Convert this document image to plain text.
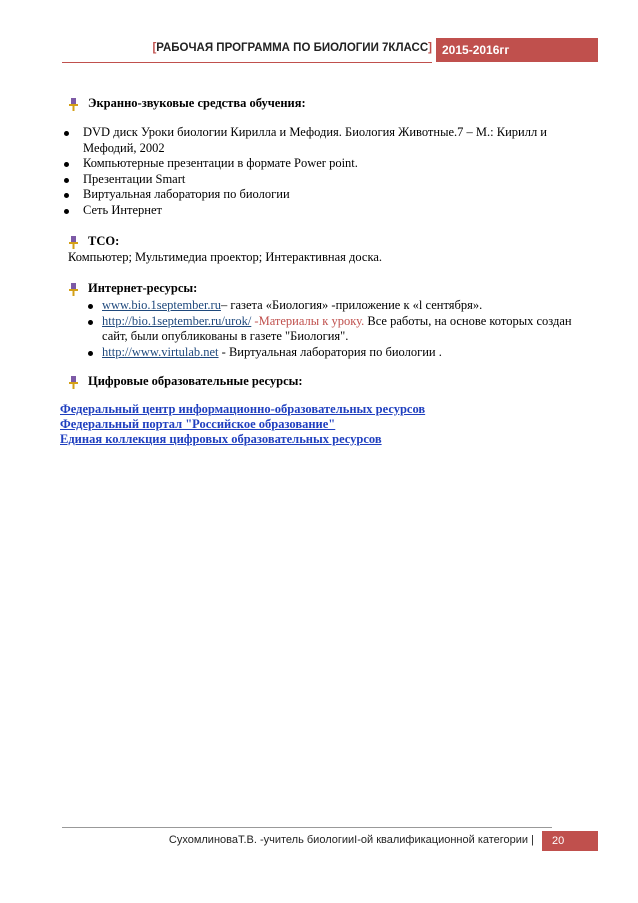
[РАБОЧАЯ ПРОГРАММА ПО БИОЛОГИИ 7КЛАСС] 2015-2016гг
Экранно-звуковые средства обучения:
DVD диск Уроки биологии Кирилла и Мефодия. Биология Животные.7 – М.: Кирилл и Мефодий, 2002
Компьютерные презентации в формате Power point.
Презентации Smart
Виртуальная лаборатория по биологии
Сеть Интернет
ТСО:
Компьютер; Мультимедиа проектор; Интерактивная доска.
Интернет-ресурсы:
www.bio.1september.ru– газета «Биология» -приложение к «l сентября».
http://bio.1september.ru/urok/ -Материалы к уроку. Все работы, на основе которых создан сайт, были опубликованы в газете "Биология".
http://www.virtulab.net - Виртуальная лаборатория по биологии .
Цифровые образовательные ресурсы:
Федеральный центр информационно-образовательных ресурсов
Федеральный портал "Российское образование"
Единая коллекция цифровых образовательных ресурсов
СухомлиноваТ.В. -учитель биологииI-ой квалификационной категории |	20
